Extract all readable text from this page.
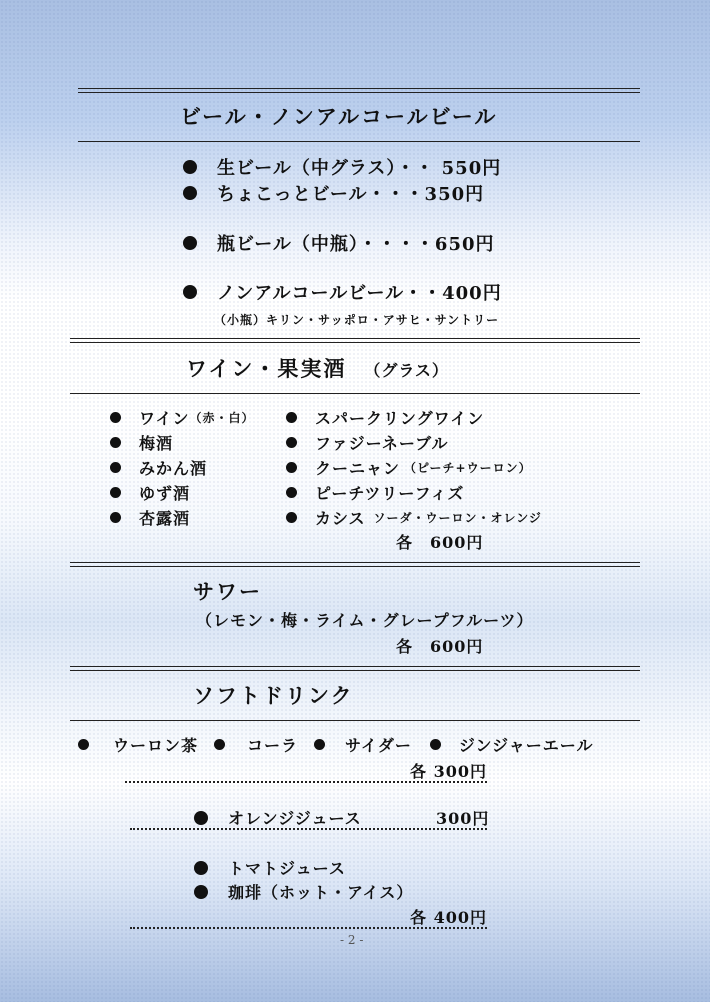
ビール・ノンアルコールビール
生ビール（中グラス）・・ 550円
ちょこっとビール・・・350円
瓶ビール（中瓶）・・・・650円
ノンアルコールビール・・400円
（小瓶）キリン・サッポロ・アサヒ・サントリー
ワイン・果実酒 （グラス）
ワイン （赤・白）
梅酒
みかん酒
ゆず酒
杏露酒
スパークリングワイン
ファジーネーブル
クーニャン （ピーチ+ウーロン）
ピーチツリーフィズ
カシス ソーダ・ウーロン・オレンジ
各　600円
サワー
（レモン・梅・ライム・グレープフルーツ）
各　600円
ソフトドリンク
ウーロン茶	コーラ	サイダー	ジンジャーエール
各 300円
オレンジジュース	300円
トマトジュース
珈琲（ホット・アイス）
各 400円
- 2 -
